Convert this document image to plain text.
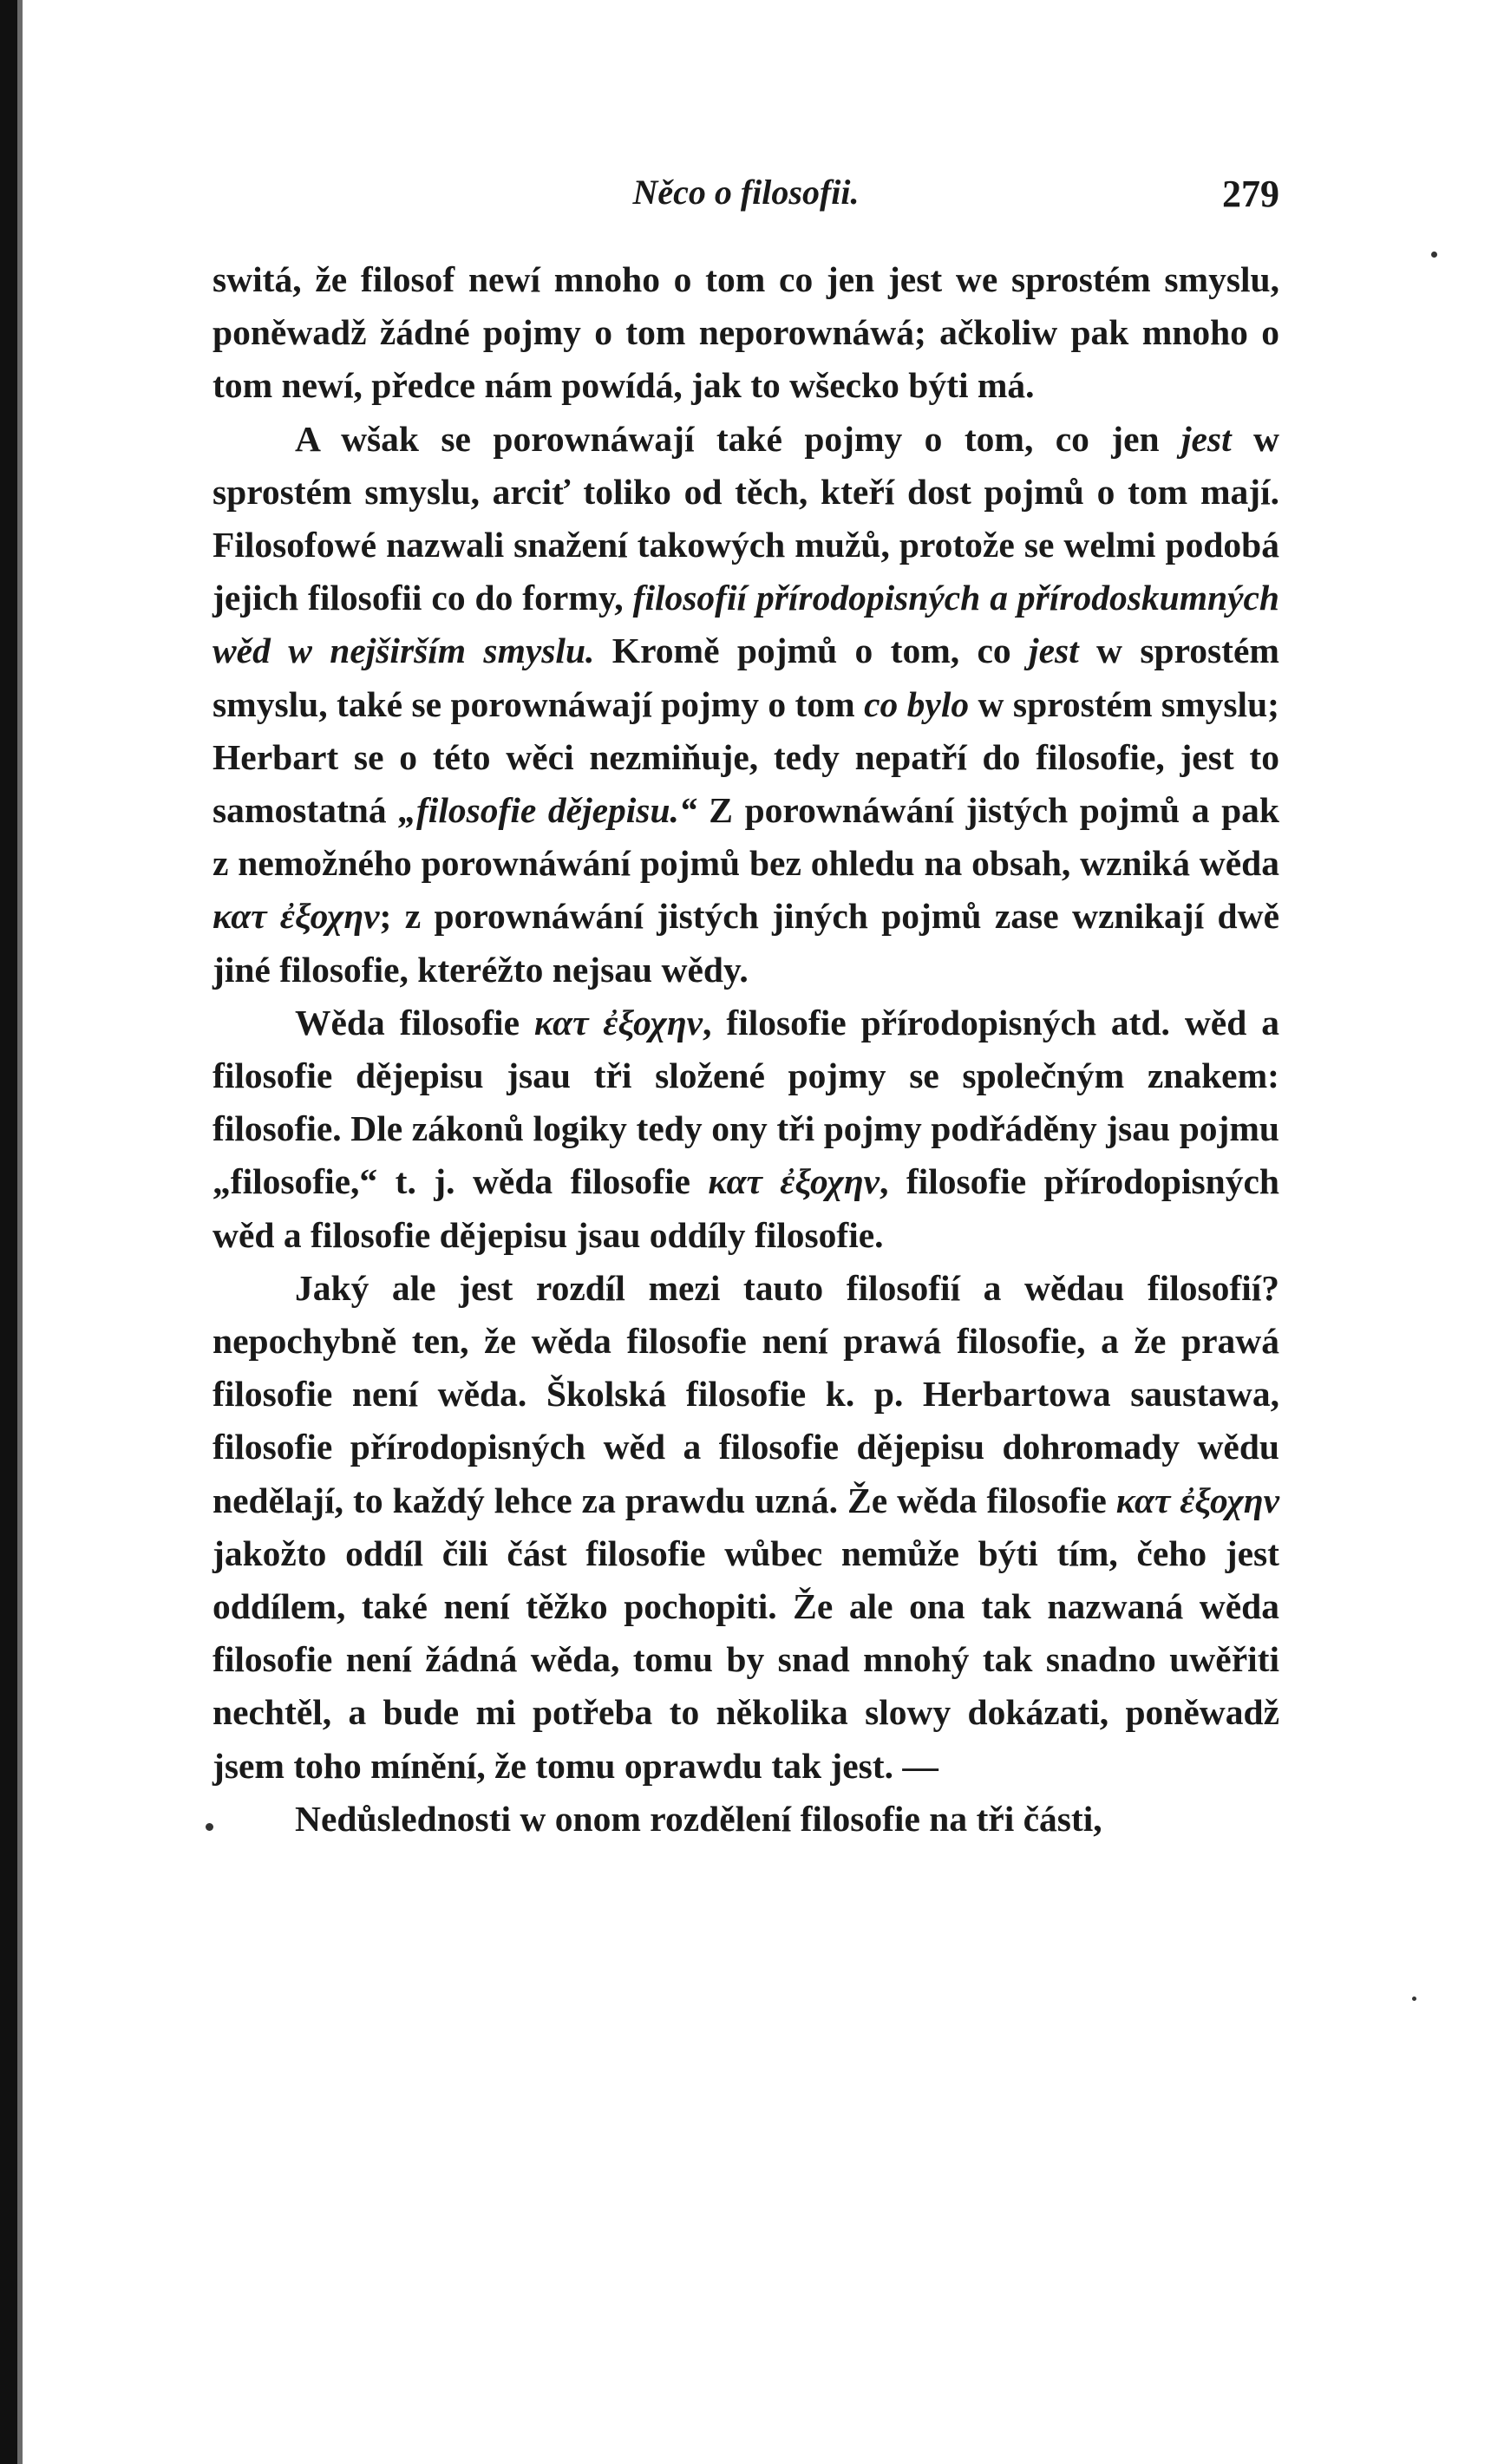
Něco o filosofii.	279

switá, že filosof newí mnoho o tom co jen jest we sprostém smyslu, poněwadž žádné pojmy o tom neporownáwá; ačkoliw pak mnoho o tom newí, předce nám powídá, jak to wšecko býti má.

A wšak se porownáwají také pojmy o tom, co jen jest w sprostém smyslu, arciť toliko od těch, kteří dost pojmů o tom mají. Filosofowé nazwali snažení takowých mužů, protože se welmi podobá jejich filosofii co do formy, filosofií přírodopisných a přírodoskumných wěd w nejširším smyslu. Kromě pojmů o tom, co jest w sprostém smyslu, také se porownáwají pojmy o tom co bylo w sprostém smyslu; Herbart se o této wěci nezmiňuje, tedy nepatří do filosofie, jest to samostatná „filosofie dějepisu.“ Z porownáwání jistých pojmů a pak z nemožného porownáwání pojmů bez ohledu na obsah, wzniká wěda κατ ἐξοχην; z porownáwání jistých jiných pojmů zase wznikají dwě jiné filosofie, kteréžto nejsau wědy.

Wěda filosofie κατ ἐξοχην, filosofie přírodopisných atd. wěd a filosofie dějepisu jsau tři složené pojmy se společným znakem: filosofie. Dle zákonů logiky tedy ony tři pojmy podřáděny jsau pojmu „filosofie,“ t. j. wěda filosofie κατ ἐξοχην, filosofie přírodopisných wěd a filosofie dějepisu jsau oddíly filosofie.

Jaký ale jest rozdíl mezi tauto filosofií a wědau filosofií? nepochybně ten, že wěda filosofie není prawá filosofie, a že prawá filosofie není wěda. Školská filosofie k. p. Herbartowa saustawa, filosofie přírodopisných wěd a filosofie dějepisu dohromady wědu nedělají, to každý lehce za prawdu uzná. Že wěda filosofie κατ ἐξοχην jakožto oddíl čili část filosofie wůbec nemůže býti tím, čeho jest oddílem, také není těžko pochopiti. Že ale ona tak nazwaná wěda filosofie není žádná wěda, tomu by snad mnohý tak snadno uwěřiti nechtěl, a bude mi potřeba to několika slowy dokázati, poněwadž jsem toho mínění, že tomu oprawdu tak jest. —

Nedůslednosti w onom rozdělení filosofie na tři části,
